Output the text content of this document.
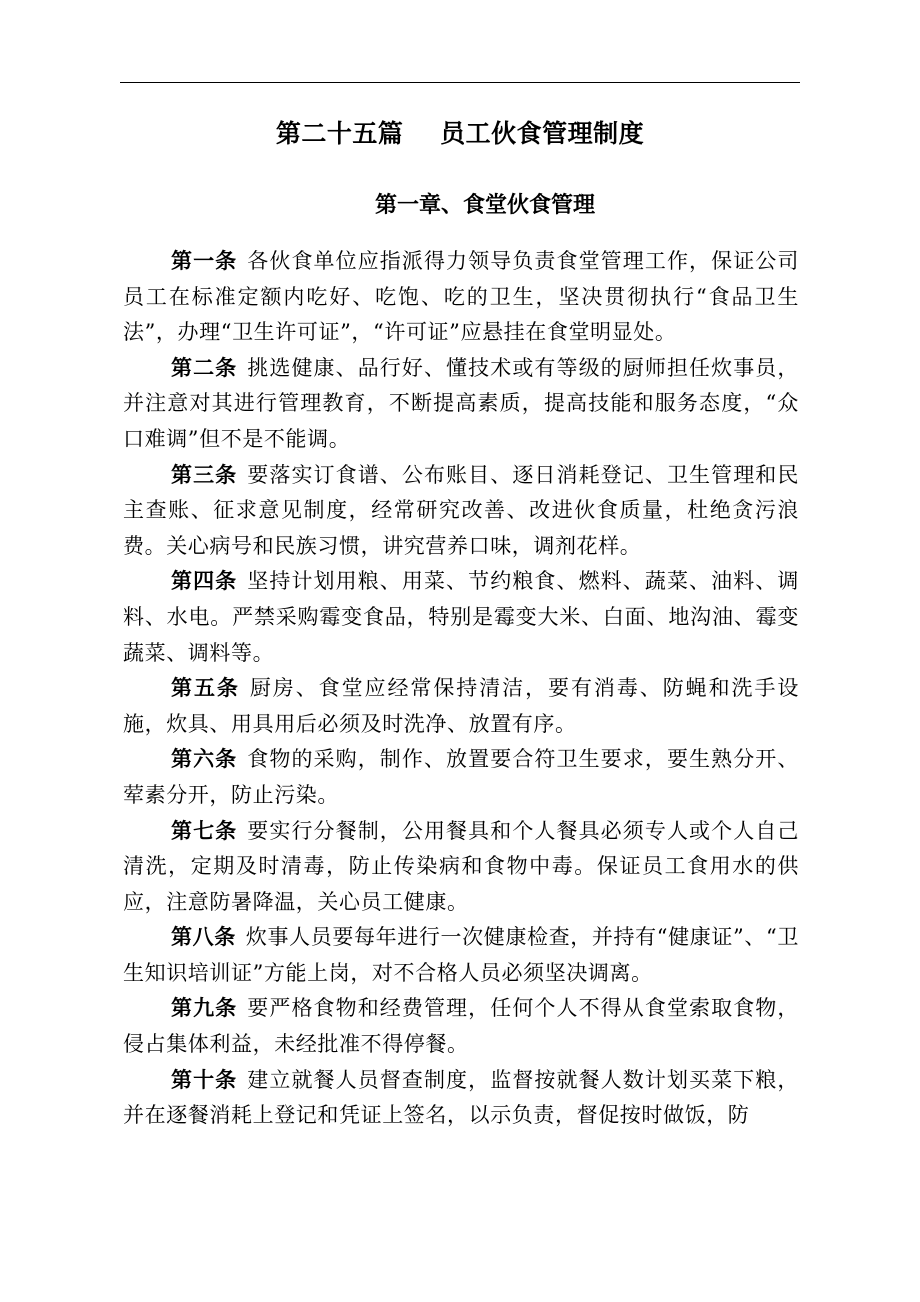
第二十五篇    员工伙食管理制度
第一章、食堂伙食管理

第一条 各伙食单位应指派得力领导负责食堂管理工作，保证公司员工在标准定额内吃好、吃饱、吃的卫生，坚决贯彻执行“食品卫生法”，办理“卫生许可证”，“许可证”应悬挂在食堂明显处。

第二条 挑选健康、品行好、懂技术或有等级的厨师担任炊事员，并注意对其进行管理教育，不断提高素质，提高技能和服务态度，“众口难调”但不是不能调。

第三条 要落实订食谱、公布账目、逐日消耗登记、卫生管理和民主查账、征求意见制度，经常研究改善、改进伙食质量，杜绝贪污浪费。关心病号和民族习惯，讲究营养口味，调剂花样。

第四条 坚持计划用粮、用菜、节约粮食、燃料、蔬菜、油料、调料、水电。严禁采购霉变食品，特别是霉变大米、白面、地沟油、霉变蔬菜、调料等。

第五条 厨房、食堂应经常保持清洁，要有消毒、防蝇和洗手设施，炊具、用具用后必须及时洗净、放置有序。

第六条 食物的采购，制作、放置要合符卫生要求，要生熟分开、荤素分开，防止污染。

第七条 要实行分餐制，公用餐具和个人餐具必须专人或个人自己清洗，定期及时清毒，防止传染病和食物中毒。保证员工食用水的供应，注意防暑降温，关心员工健康。

第八条 炊事人员要每年进行一次健康检查，并持有“健康证”、“卫生知识培训证”方能上岗，对不合格人员必须坚决调离。

第九条 要严格食物和经费管理，任何个人不得从食堂索取食物，侵占集体利益，未经批准不得停餐。

第十条 建立就餐人员督查制度，监督按就餐人数计划买菜下粮，并在逐餐消耗上登记和凭证上签名，以示负责，督促按时做饭，防
